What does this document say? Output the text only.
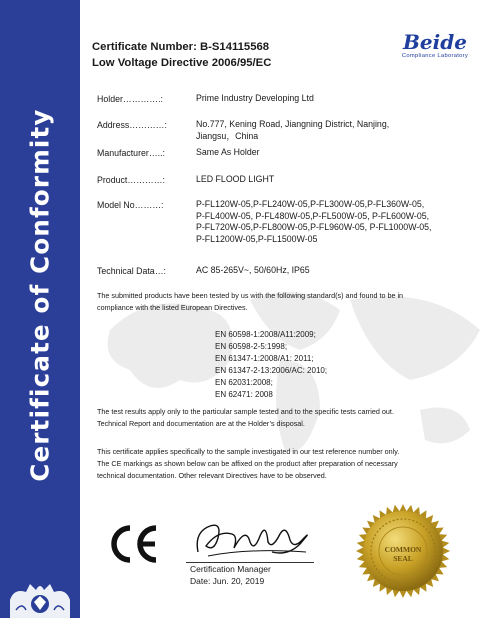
Certificate of Conformity
Certificate Number: B-S14115568
Low Voltage Directive 2006/95/EC
Beide
Compliance Laboratory
Holder………….:	Prime Industry Developing Ltd
Address…………:	No.777, Kening Road, Jiangning District, Nanjing,
Jiangsu，China
Manufacturer…..:	Same As Holder
Product…………:	LED FLOOD LIGHT
Model No………:	P-FL120W-05,P-FL240W-05,P-FL300W-05,P-FL360W-05,
P-FL400W-05, P-FL480W-05,P-FL500W-05, P-FL600W-05,
P-FL720W-05,P-FL800W-05,P-FL960W-05, P-FL1000W-05,
P-FL1200W-05,P-FL1500W-05
Technical Data…:	AC 85-265V~, 50/60Hz, IP65
The submitted products have been tested by us with the following standard(s) and found to be in
compliance with the listed European Directives.
EN 60598-1:2008/A11:2009;
EN 60598-2-5:1998;
EN 61347-1:2008/A1: 2011;
EN 61347-2-13:2006/AC: 2010;
EN 62031:2008;
EN 62471: 2008
The test results apply only to the particular sample tested and to the specific tests carried out.
Technical Report and documentation are at the Holder’s disposal.
This certificate applies specifically to the sample investigated in our test reference number only.
The CE markings as shown below can be affixed on the product after preparation of necessary
technical documentation. Other relevant Directives have to be observed.
Certification Manager
Date: Jun. 20, 2019
COMMON
SEAL
